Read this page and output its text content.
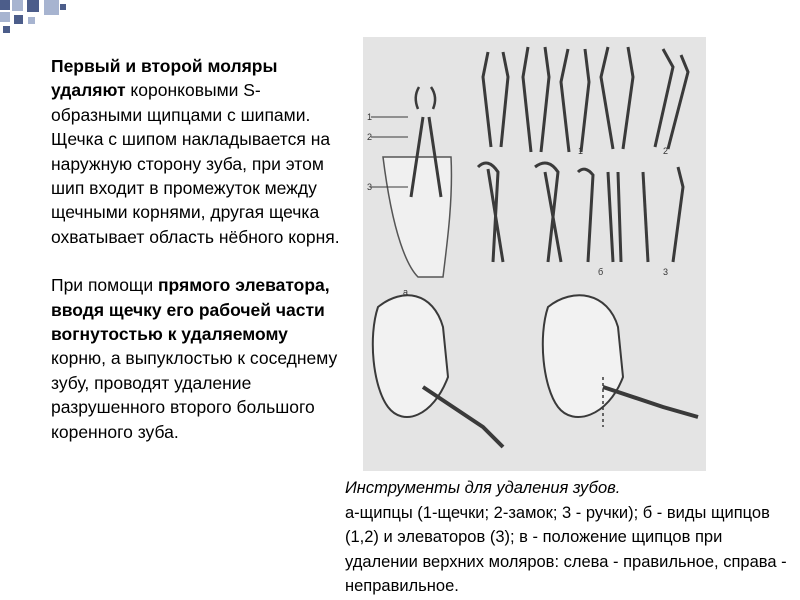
Первый и второй моляры удаляют коронковыми S-образными щипцами с шипами. Щечка с шипом накладывается на наружную сторону зуба, при этом шип входит в промежуток между щечными корнями, другая щечка охватывает область нёбного корня.

При помощи прямого элеватора, вводя щечку его рабочей части вогнутостью к удаляемому корню, а выпуклостью к соседнему зубу, проводят удаление разрушенного второго большого коренного зуба.

1
2
3
а
1	2
б	3

Инструменты для удаления зубов.

а-щипцы (1-щечки; 2-замок; 3 - ручки); б - виды щипцов (1,2) и элеваторов (3); в - положение щипцов при удалении верхних моляров: слева - правильное, справа - неправильное.
